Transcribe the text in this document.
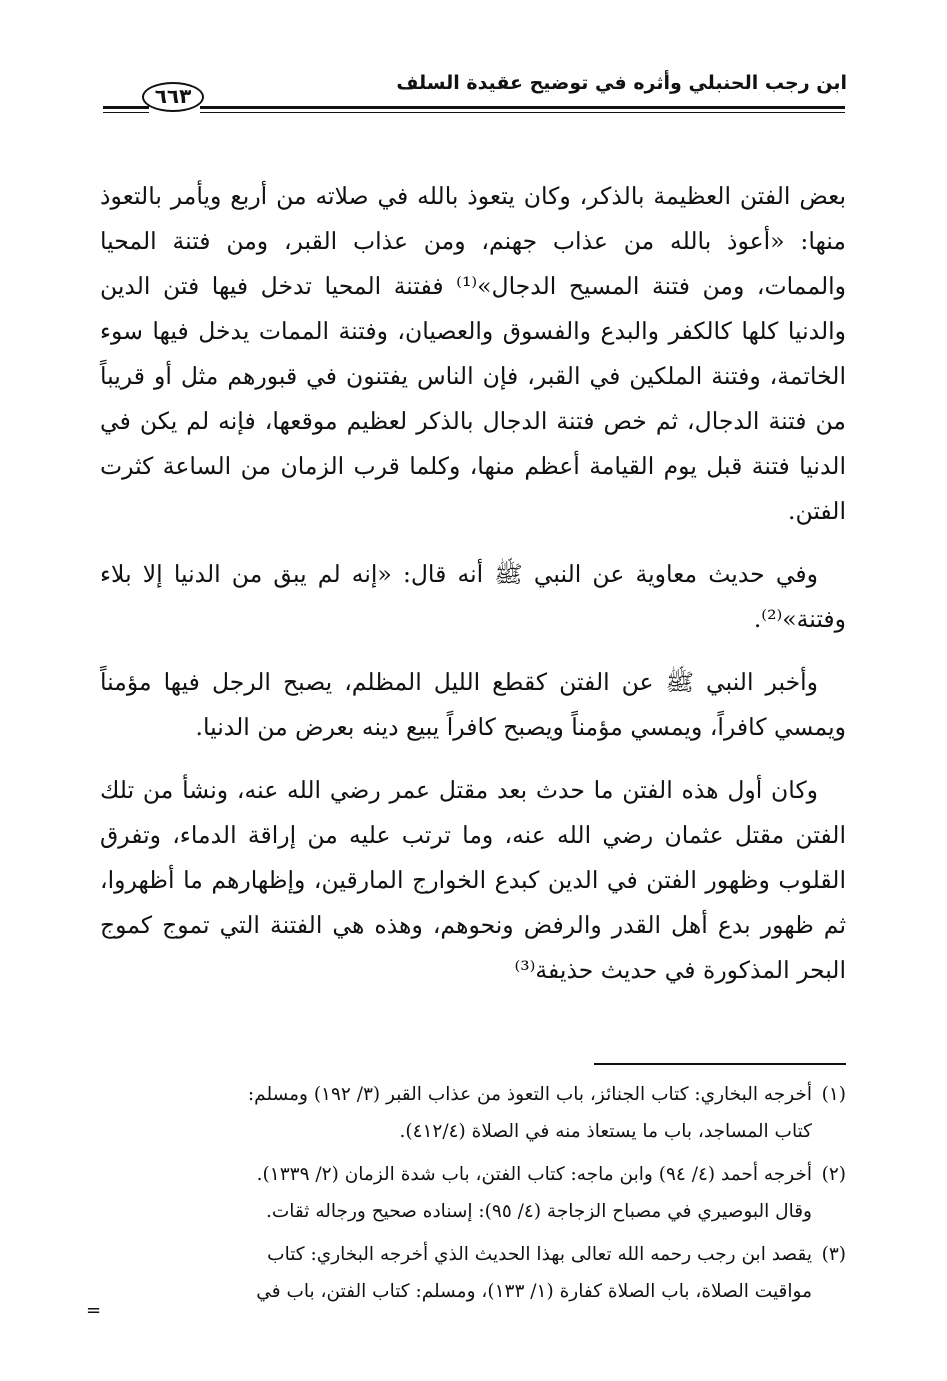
ابن رجب الحنبلي وأثره في توضيح عقيدة السلف
٦٦٣

بعض الفتن العظيمة بالذكر، وكان يتعوذ بالله في صلاته من أربع ويأمر بالتعوذ منها: «أعوذ بالله من عذاب جهنم، ومن عذاب القبر، ومن فتنة المحيا والممات، ومن فتنة المسيح الدجال»⁽¹⁾ ففتنة المحيا تدخل فيها فتن الدين والدنيا كلها كالكفر والبدع والفسوق والعصيان، وفتنة الممات يدخل فيها سوء الخاتمة، وفتنة الملكين في القبر، فإن الناس يفتنون في قبورهم مثل أو قريباً من فتنة الدجال، ثم خص فتنة الدجال بالذكر لعظيم موقعها، فإنه لم يكن في الدنيا فتنة قبل يوم القيامة أعظم منها، وكلما قرب الزمان من الساعة كثرت الفتن.

وفي حديث معاوية عن النبي ﷺ أنه قال: «إنه لم يبق من الدنيا إلا بلاء وفتنة»⁽²⁾.

وأخبر النبي ﷺ عن الفتن كقطع الليل المظلم، يصبح الرجل فيها مؤمناً ويمسي كافراً، ويمسي مؤمناً ويصبح كافراً يبيع دينه بعرض من الدنيا.

وكان أول هذه الفتن ما حدث بعد مقتل عمر رضي الله عنه، ونشأ من تلك الفتن مقتل عثمان رضي الله عنه، وما ترتب عليه من إراقة الدماء، وتفرق القلوب وظهور الفتن في الدين كبدع الخوارج المارقين، وإظهارهم ما أظهروا، ثم ظهور بدع أهل القدر والرفض ونحوهم، وهذه هي الفتنة التي تموج كموج البحر المذكورة في حديث حذيفة⁽³⁾

(١)
أخرجه البخاري: كتاب الجنائز، باب التعوذ من عذاب القبر (٣/ ١٩٢) ومسلم:
كتاب المساجد، باب ما يستعاذ منه في الصلاة (٤١٢/٤).
(٢)
أخرجه أحمد (٤/ ٩٤) وابن ماجه: كتاب الفتن، باب شدة الزمان (٢/ ١٣٣٩).
وقال البوصيري في مصباح الزجاجة (٤/ ٩٥): إسناده صحيح ورجاله ثقات.
(٣)
يقصد ابن رجب رحمه الله تعالى بهذا الحديث الذي أخرجه البخاري: كتاب
مواقيت الصلاة، باب الصلاة كفارة (١/ ١٣٣)، ومسلم: كتاب الفتن، باب في
=
